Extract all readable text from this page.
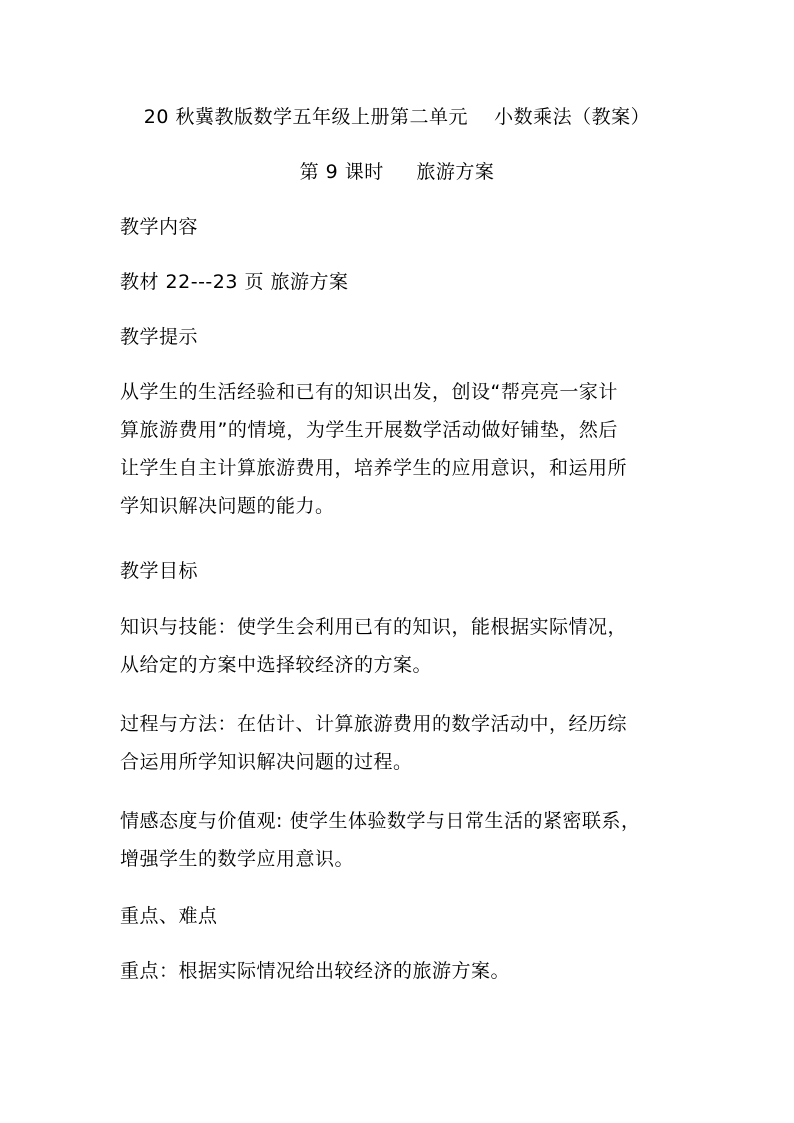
20 秋冀教版数学五年级上册第二单元    小数乘法（教案）
第 9 课时     旅游方案
教学内容
教材 22---23 页 旅游方案
教学提示
从学生的生活经验和已有的知识出发，创设“帮亮亮一家计
算旅游费用”的情境，为学生开展数学活动做好铺垫，然后
让学生自主计算旅游费用，培养学生的应用意识，和运用所
学知识解决问题的能力。
教学目标
知识与技能：使学生会利用已有的知识，能根据实际情况，
从给定的方案中选择较经济的方案。
过程与方法：在估计、计算旅游费用的数学活动中，经历综
合运用所学知识解决问题的过程。
情感态度与价值观: 使学生体验数学与日常生活的紧密联系，
增强学生的数学应用意识。
重点、难点
重点：根据实际情况给出较经济的旅游方案。
